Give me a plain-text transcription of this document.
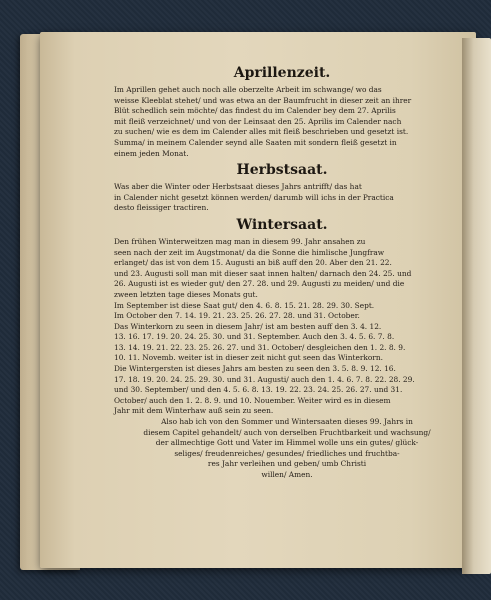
Aprillenzeit.
Im Aprillen gehet auch noch alle oberzelte Arbeit im schwange/ wo das
weisse Kleeblat stehet/ und was etwa an der Baumfrucht in dieser zeit an ihrer
Blüt schedlich sein möchte/ das findest du im Calender bey dem 27. Aprilis
mit fleiß verzeichnet/ und von der Leinsaat den 25. Aprilis im Calender nach
zu suchen/ wie es dem im Calender alles mit fleiß beschrieben und gesetzt ist.
Summa/ in meinem Calender seynd alle Saaten mit sondern fleiß gesetzt in
einem jeden Monat.
Herbstsaat.
Was aber die Winter oder Herbstsaat dieses Jahrs antrifft/ das hat
in Calender nicht gesetzt können werden/ darumb will ichs in der Practica
desto fleissiger tractiren.
Wintersaat.
Den frühen Winterweitzen mag man in diesem 99. Jahr ansahen zu
seen nach der zeit im Augstmonat/ da die Sonne die himlische Jungfraw
erlanget/ das ist von dem 15. Augusti an biß auff den 20. Aber den 21. 22.
und 23. Augusti soll man mit dieser saat innen halten/ darnach den 24. 25. und
26. Augusti ist es wieder gut/ den 27. 28. und 29. Augusti zu meiden/ und die
zween letzten tage dieses Monats gut.
Im September ist diese Saat gut/ den 4. 6. 8. 15. 21. 28. 29. 30. Sept.
Im October den 7. 14. 19. 21. 23. 25. 26. 27. 28. und 31. October.
Das Winterkorn zu seen in diesem Jahr/ ist am besten auff den 3. 4. 12.
13. 16. 17. 19. 20. 24. 25. 30. und 31. September. Auch den 3. 4. 5. 6. 7. 8.
13. 14. 19. 21. 22. 23. 25. 26. 27. und 31. October/ desgleichen den 1. 2. 8. 9.
10. 11. Novemb. weiter ist in dieser zeit nicht gut seen das Winterkorn.
Die Wintergersten ist dieses Jahrs am besten zu seen den 3. 5. 8. 9. 12. 16.
17. 18. 19. 20. 24. 25. 29. 30. und 31. Augusti/ auch den 1. 4. 6. 7. 8. 22. 28. 29.
und 30. September/ und den 4. 5. 6. 8. 13. 19. 22. 23. 24. 25. 26. 27. und 31.
October/ auch den 1. 2. 8. 9. und 10. Nouember. Weiter wird es in diesem
Jahr mit dem Winterhaw auß sein zu seen.
Also hab ich von den Sommer und Wintersaaten dieses 99. Jahrs in
diesem Capitel gehandelt/ auch von derselben Fruchtbarkeit und wachsung/
der allmechtige Gott und Vater im Himmel wolle uns ein gutes/ glück-
seliges/ freudenreiches/ gesundes/ friedliches und fruchtba-
res Jahr verleihen und geben/ umb Christi
willen/ Amen.
